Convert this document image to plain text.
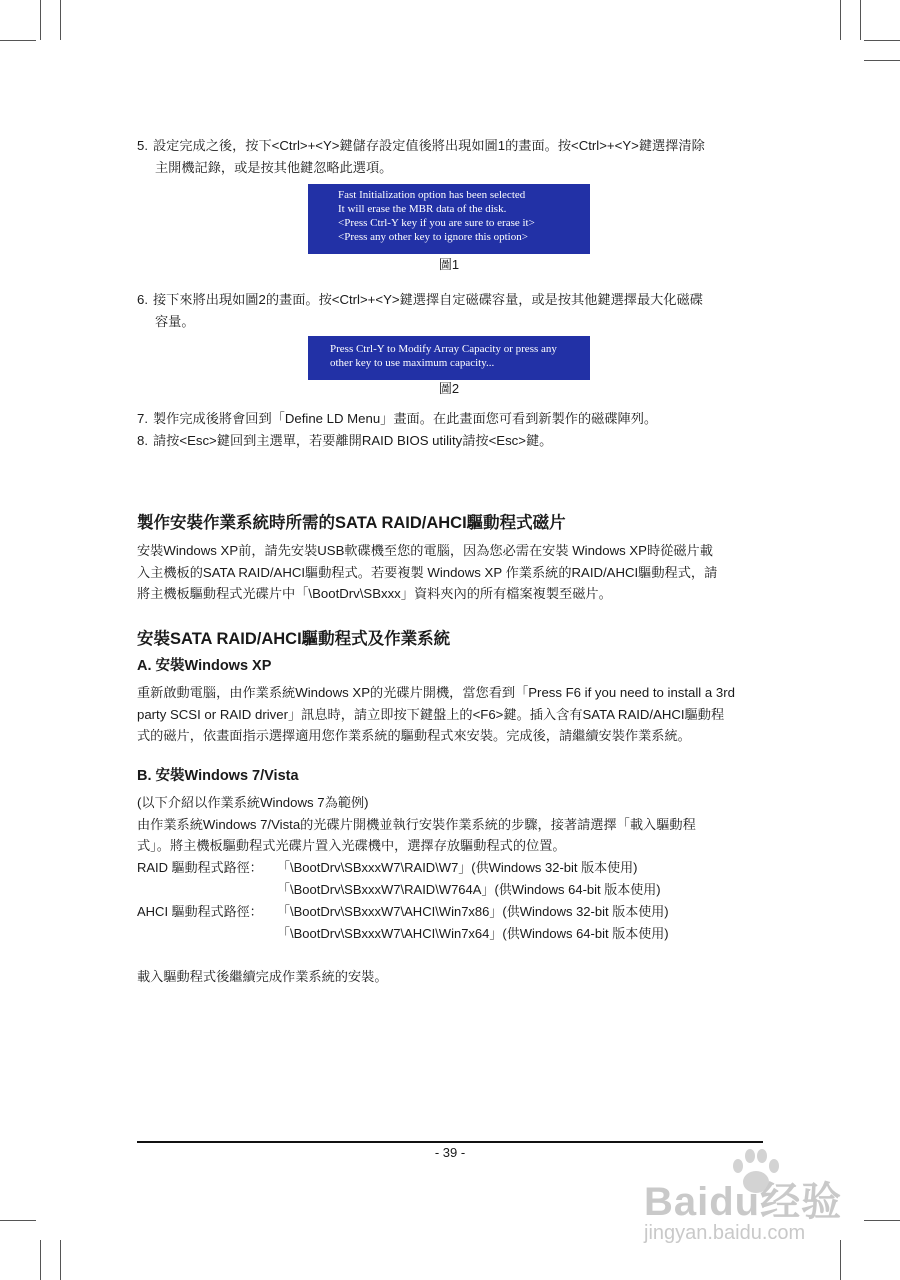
5. 設定完成之後，按下<Ctrl>+<Y>鍵儲存設定值後將出現如圖1的畫面。按<Ctrl>+<Y>鍵選擇清除
主開機記錄，或是按其他鍵忽略此選項。
Fast Initialization option has been selected
It will erase the MBR data of the disk.
<Press Ctrl-Y key if you are sure to erase it>
<Press any other key to ignore this option>
圖1
6. 接下來將出現如圖2的畫面。按<Ctrl>+<Y>鍵選擇自定磁碟容量，或是按其他鍵選擇最大化磁碟
容量。
Press Ctrl-Y to Modify Array Capacity or press any
other key to use maximum capacity...
圖2
7. 製作完成後將會回到「Define LD Menu」畫面。在此畫面您可看到新製作的磁碟陣列。
8. 請按<Esc>鍵回到主選單，若要離開RAID BIOS utility請按<Esc>鍵。
製作安裝作業系統時所需的SATA RAID/AHCI驅動程式磁片
安裝Windows XP前，請先安裝USB軟碟機至您的電腦，因為您必需在安裝 Windows XP時從磁片載
入主機板的SATA RAID/AHCI驅動程式。若要複製 Windows XP 作業系統的RAID/AHCI驅動程式，請
將主機板驅動程式光碟片中「\BootDrv\SBxxx」資料夾內的所有檔案複製至磁片。
安裝SATA RAID/AHCI驅動程式及作業系統
A. 安裝Windows XP
重新啟動電腦，由作業系統Windows XP的光碟片開機，當您看到「Press F6 if you need to install a 3rd
party SCSI or RAID driver」訊息時，請立即按下鍵盤上的<F6>鍵。插入含有SATA RAID/AHCI驅動程
式的磁片，依畫面指示選擇適用您作業系統的驅動程式來安裝。完成後，請繼續安裝作業系統。
B. 安裝Windows 7/Vista
(以下介紹以作業系統Windows 7為範例)
由作業系統Windows 7/Vista的光碟片開機並執行安裝作業系統的步驟，接著請選擇「載入驅動程
式」。將主機板驅動程式光碟片置入光碟機中，選擇存放驅動程式的位置。
RAID 驅動程式路徑： 「\BootDrv\SBxxxW7\RAID\W7」(供Windows 32-bit 版本使用)
「\BootDrv\SBxxxW7\RAID\W764A」(供Windows 64-bit 版本使用)
AHCI 驅動程式路徑： 「\BootDrv\SBxxxW7\AHCI\Win7x86」(供Windows 32-bit 版本使用)
「\BootDrv\SBxxxW7\AHCI\Win7x64」(供Windows 64-bit 版本使用)
載入驅動程式後繼續完成作業系統的安裝。
- 39 -
Baidu经验
jingyan.baidu.com
